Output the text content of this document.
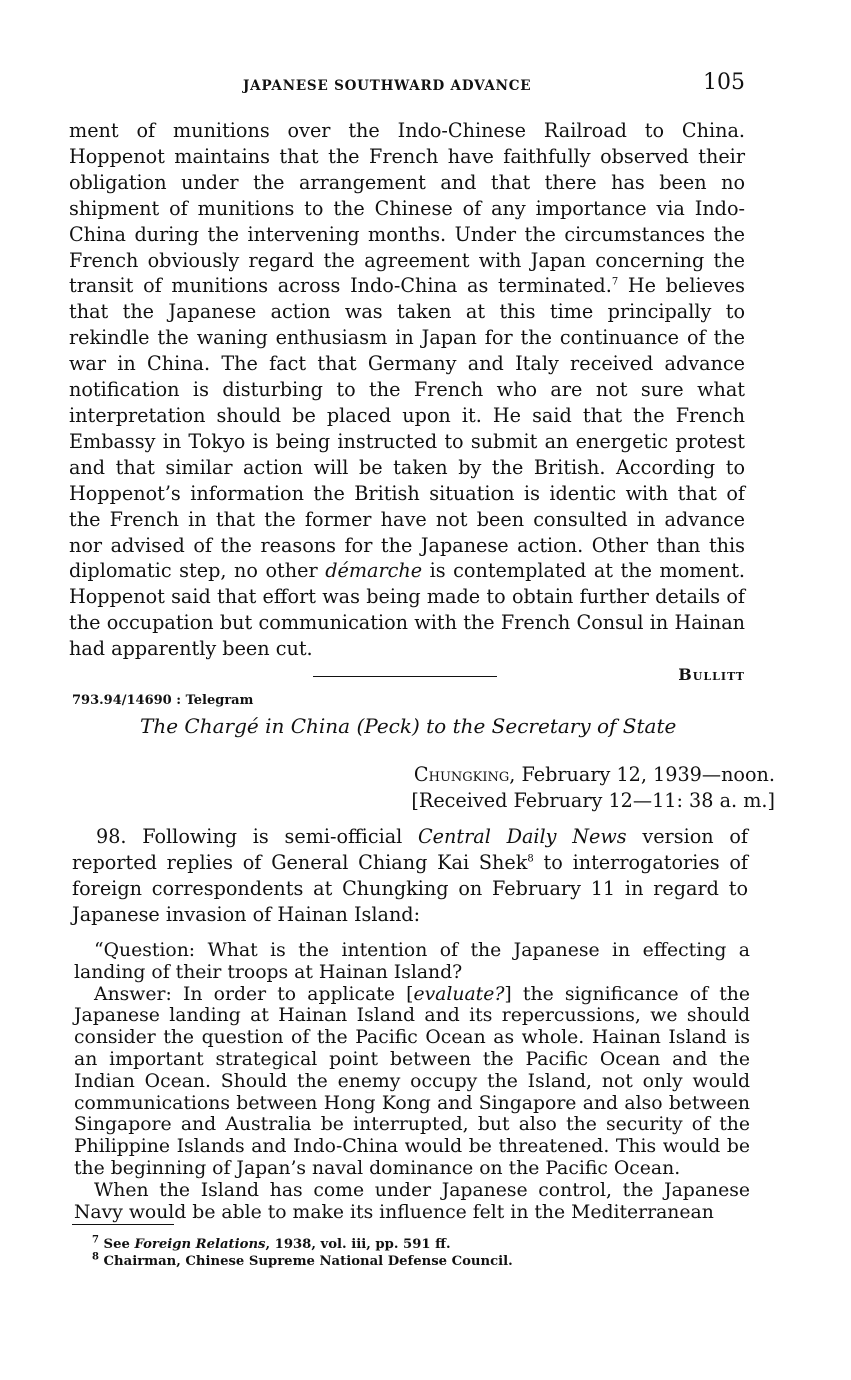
JAPANESE SOUTHWARD ADVANCE	105

ment of munitions over the Indo-Chinese Railroad to China. Hoppenot maintains that the French have faithfully observed their obligation under the arrangement and that there has been no shipment of munitions to the Chinese of any importance via Indo-China during the intervening months. Under the circumstances the French obviously regard the agreement with Japan concerning the transit of munitions across Indo-China as terminated.$^7$ He believes that the Japanese action was taken at this time principally to rekindle the waning enthusiasm in Japan for the continuance of the war in China. The fact that Germany and Italy received advance notification is disturbing to the French who are not sure what interpretation should be placed upon it. He said that the French Embassy in Tokyo is being instructed to submit an energetic protest and that similar action will be taken by the British. According to Hoppenot’s information the British situation is identic with that of the French in that the former have not been consulted in advance nor advised of the reasons for the Japanese action. Other than this diplomatic step, no other démarche is contemplated at the moment. Hoppenot said that effort was being made to obtain further details of the occupation but communication with the French Consul in Hainan had apparently been cut.

Bullitt
793.94/14690 : Telegram
The Chargé in China (Peck) to the Secretary of State
Chungking, February 12, 1939—noon.
[Received February 12—11: 38 a. m.]

98. Following is semi-official Central Daily News version of reported replies of General Chiang Kai Shek$^8$ to interrogatories of foreign correspondents at Chungking on February 11 in regard to Japanese invasion of Hainan Island:

“Question: What is the intention of the Japanese in effecting a landing of their troops at Hainan Island?

Answer: In order to applicate [evaluate?] the significance of the Japanese landing at Hainan Island and its repercussions, we should consider the question of the Pacific Ocean as whole. Hainan Island is an important strategical point between the Pacific Ocean and the Indian Ocean. Should the enemy occupy the Island, not only would communications between Hong Kong and Singapore and also between Singapore and Australia be interrupted, but also the security of the Philippine Islands and Indo-China would be threatened. This would be the beginning of Japan’s naval dominance on the Pacific Ocean.

When the Island has come under Japanese control, the Japanese Navy would be able to make its influence felt in the Mediterranean

$^7$ See Foreign Relations, 1938, vol. iii, pp. 591 ff.
$^8$ Chairman, Chinese Supreme National Defense Council.
